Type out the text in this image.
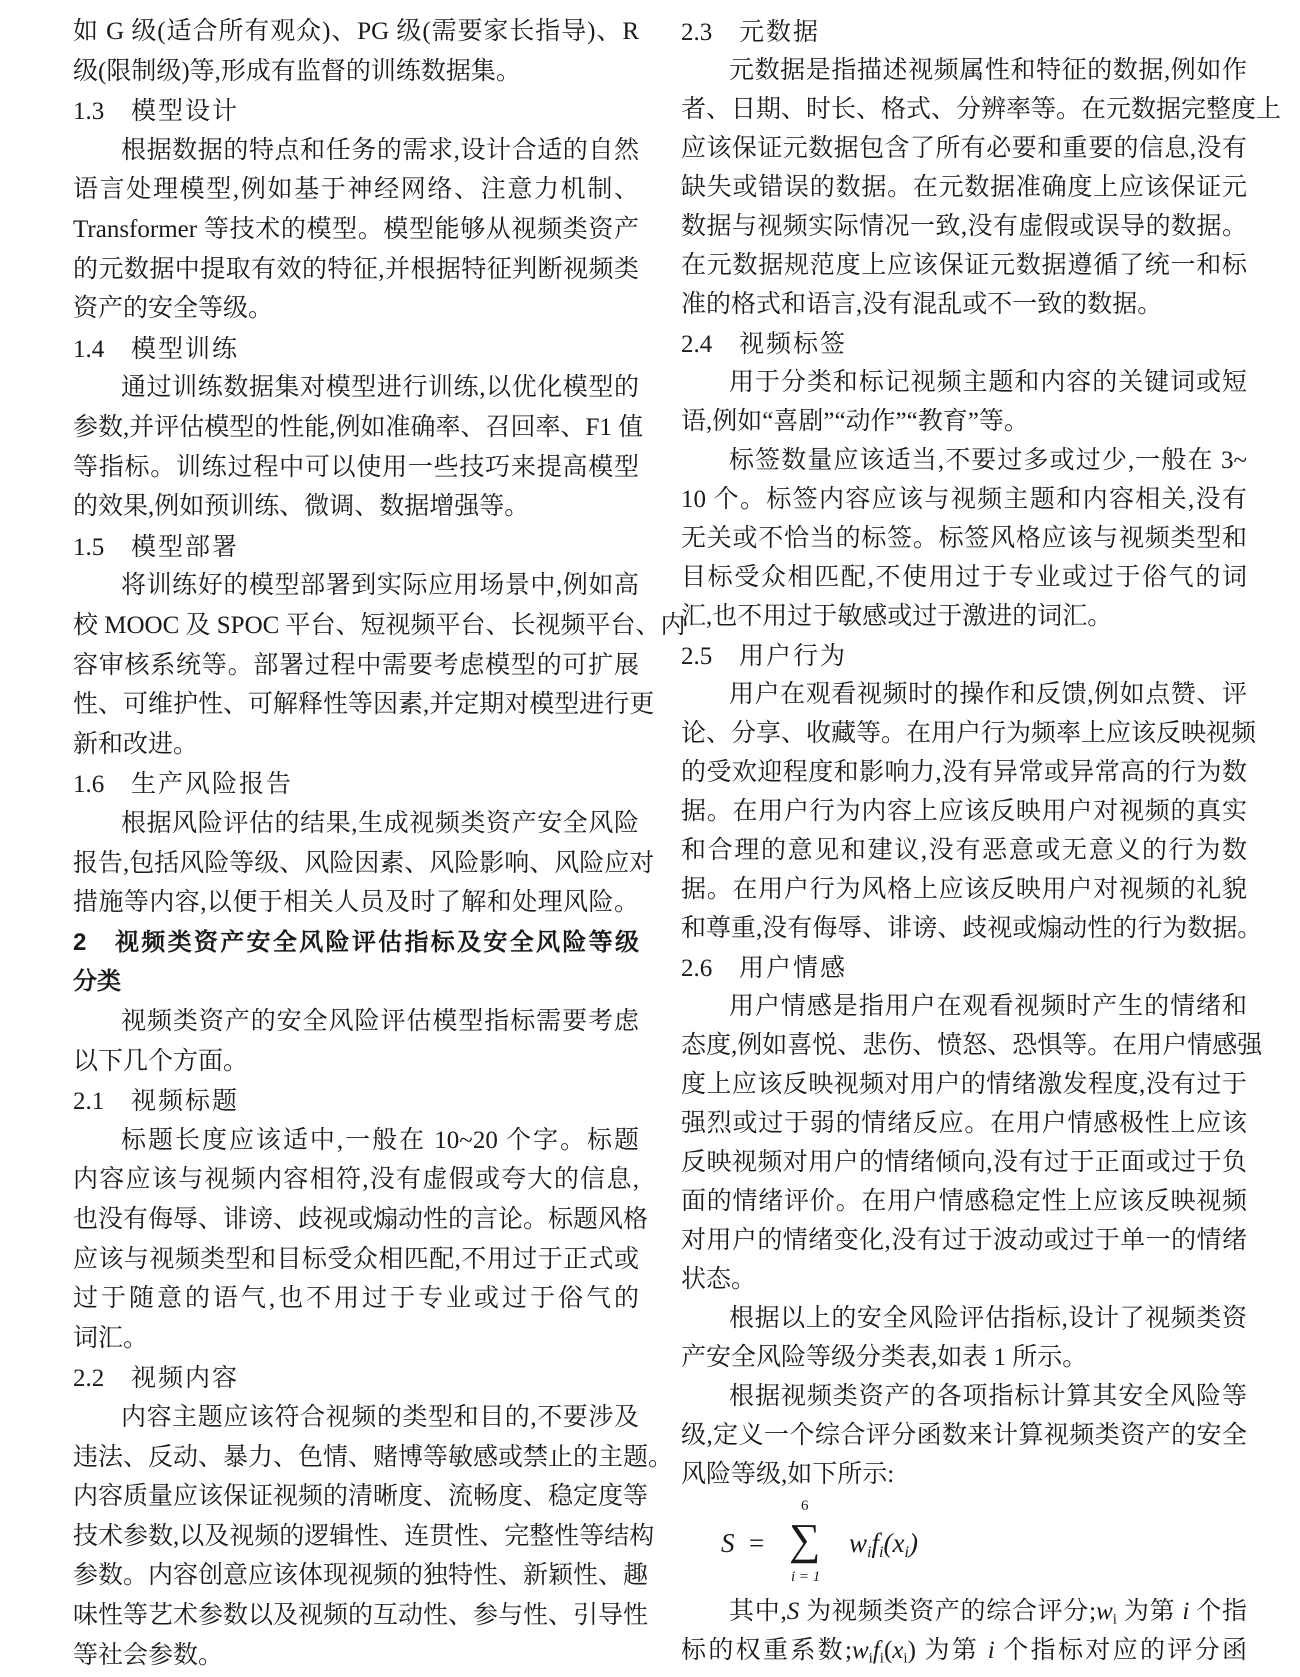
如 G 级(适合所有观众)、PG 级(需要家长指导)、R
级(限制级)等,形成有监督的训练数据集。
1.3 模型设计
根据数据的特点和任务的需求,设计合适的自然
语言处理模型,例如基于神经网络、注意力机制、
Transformer 等技术的模型。模型能够从视频类资产
的元数据中提取有效的特征,并根据特征判断视频类
资产的安全等级。
1.4 模型训练
通过训练数据集对模型进行训练,以优化模型的
参数,并评估模型的性能,例如准确率、召回率、F1 值
等指标。训练过程中可以使用一些技巧来提高模型
的效果,例如预训练、微调、数据增强等。
1.5 模型部署
将训练好的模型部署到实际应用场景中,例如高
校 MOOC 及 SPOC 平台、短视频平台、长视频平台、内
容审核系统等。部署过程中需要考虑模型的可扩展
性、可维护性、可解释性等因素,并定期对模型进行更
新和改进。
1.6 生产风险报告
根据风险评估的结果,生成视频类资产安全风险
报告,包括风险等级、风险因素、风险影响、风险应对
措施等内容,以便于相关人员及时了解和处理风险。
2　视频类资产安全风险评估指标及安全风险等级
分类
视频类资产的安全风险评估模型指标需要考虑
以下几个方面。
2.1 视频标题
标题长度应该适中,一般在 10~20 个字。标题
内容应该与视频内容相符,没有虚假或夸大的信息,
也没有侮辱、诽谤、歧视或煽动性的言论。标题风格
应该与视频类型和目标受众相匹配,不用过于正式或
过于随意的语气,也不用过于专业或过于俗气的
词汇。
2.2 视频内容
内容主题应该符合视频的类型和目的,不要涉及
违法、反动、暴力、色情、赌博等敏感或禁止的主题。
内容质量应该保证视频的清晰度、流畅度、稳定度等
技术参数,以及视频的逻辑性、连贯性、完整性等结构
参数。内容创意应该体现视频的独特性、新颖性、趣
味性等艺术参数以及视频的互动性、参与性、引导性
等社会参数。
S =
6
∑
i = 1
$w_if_i(x_i)$
2.3 元数据
元数据是指描述视频属性和特征的数据,例如作
者、日期、时长、格式、分辨率等。在元数据完整度上
应该保证元数据包含了所有必要和重要的信息,没有
缺失或错误的数据。在元数据准确度上应该保证元
数据与视频实际情况一致,没有虚假或误导的数据。
在元数据规范度上应该保证元数据遵循了统一和标
准的格式和语言,没有混乱或不一致的数据。
2.4 视频标签
用于分类和标记视频主题和内容的关键词或短
语,例如“喜剧”“动作”“教育”等。
标签数量应该适当,不要过多或过少,一般在 3~
10 个。标签内容应该与视频主题和内容相关,没有
无关或不恰当的标签。标签风格应该与视频类型和
目标受众相匹配,不使用过于专业或过于俗气的词
汇,也不用过于敏感或过于激进的词汇。
2.5 用户行为
用户在观看视频时的操作和反馈,例如点赞、评
论、分享、收藏等。在用户行为频率上应该反映视频
的受欢迎程度和影响力,没有异常或异常高的行为数
据。在用户行为内容上应该反映用户对视频的真实
和合理的意见和建议,没有恶意或无意义的行为数
据。在用户行为风格上应该反映用户对视频的礼貌
和尊重,没有侮辱、诽谤、歧视或煽动性的行为数据。
2.6 用户情感
用户情感是指用户在观看视频时产生的情绪和
态度,例如喜悦、悲伤、愤怒、恐惧等。在用户情感强
度上应该反映视频对用户的情绪激发程度,没有过于
强烈或过于弱的情绪反应。在用户情感极性上应该
反映视频对用户的情绪倾向,没有过于正面或过于负
面的情绪评价。在用户情感稳定性上应该反映视频
对用户的情绪变化,没有过于波动或过于单一的情绪
状态。
根据以上的安全风险评估指标,设计了视频类资
产安全风险等级分类表,如表 1 所示。
根据视频类资产的各项指标计算其安全风险等
级,定义一个综合评分函数来计算视频类资产的安全
风险等级,如下所示:
其中,S 为视频类资产的综合评分$;w_i$ 为第 i 个指
标的权重系数$;w_if_i(x_i)$ 为第 i 个指标对应的评分函
